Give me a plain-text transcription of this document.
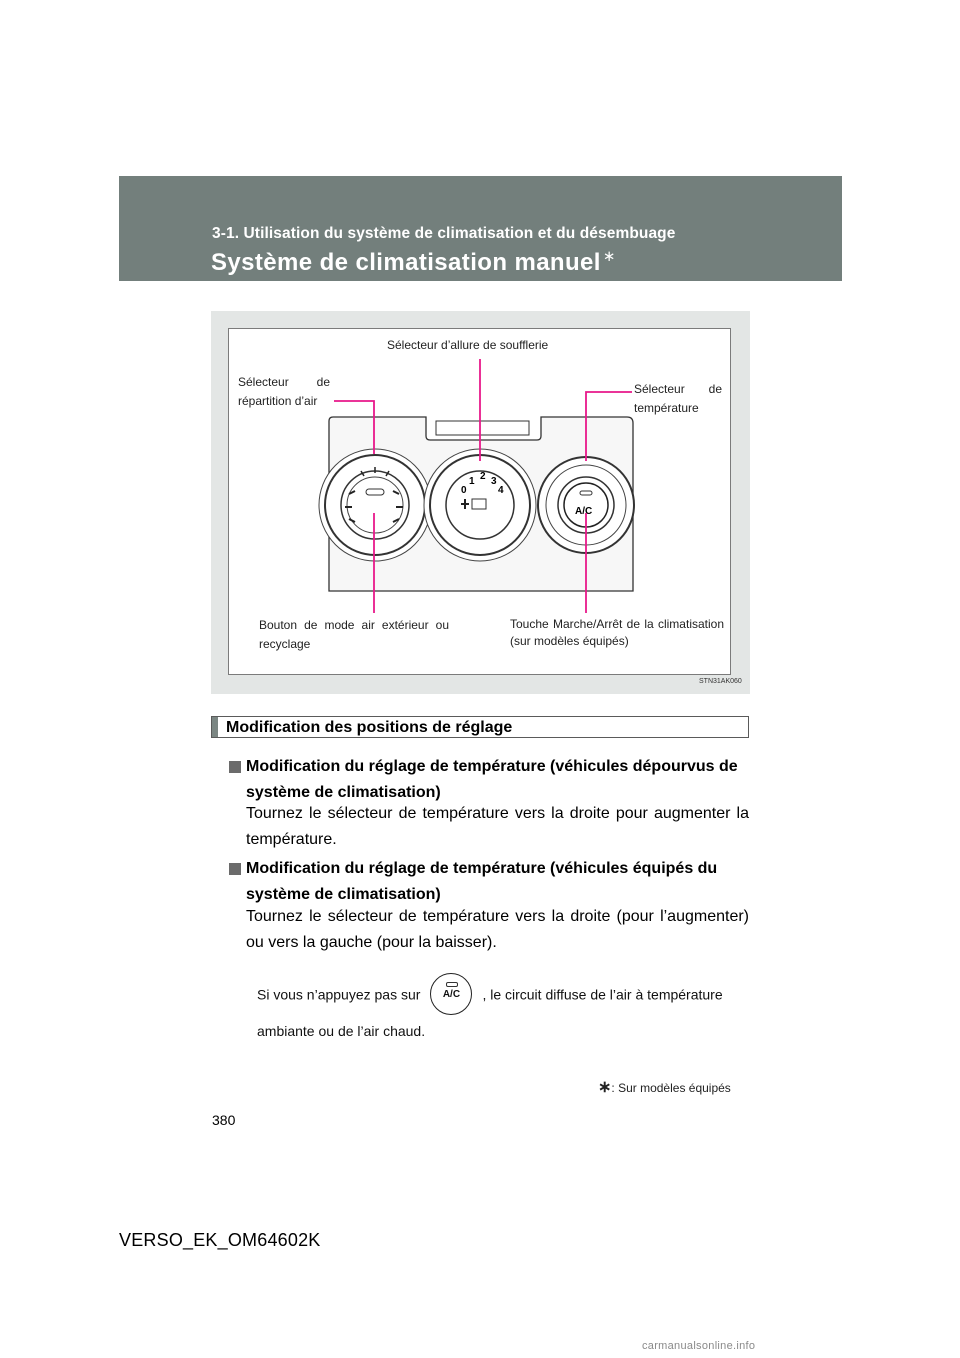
3-1. Utilisation du système de climatisation et du désembuage
Système de climatisation manuel ∗
0
1 2 3
4
A/C
Sélecteur d’allure de soufflerie
Sélecteur de répartition d’air
Sélecteur de température
Bouton de mode air extérieur ou recyclage
Touche Marche/Arrêt de la climatisation (sur modèles équipés)
STN31AK060
Modification des positions de réglage
Modification du réglage de température (véhicules dépourvus de système de climatisation)
Tournez le sélecteur de température vers la droite pour augmenter la température.
Modification du réglage de température (véhicules équipés du système de climatisation)
Tournez le sélecteur de température vers la droite (pour l’augmenter) ou vers la gauche (pour la baisser).
Si vous n’appuyez pas sur	A/C	, le circuit diffuse de l’air à température ambiante ou de l’air chaud.
∗: Sur modèles équipés
380
VERSO_EK_OM64602K
carmanualsonline.info
